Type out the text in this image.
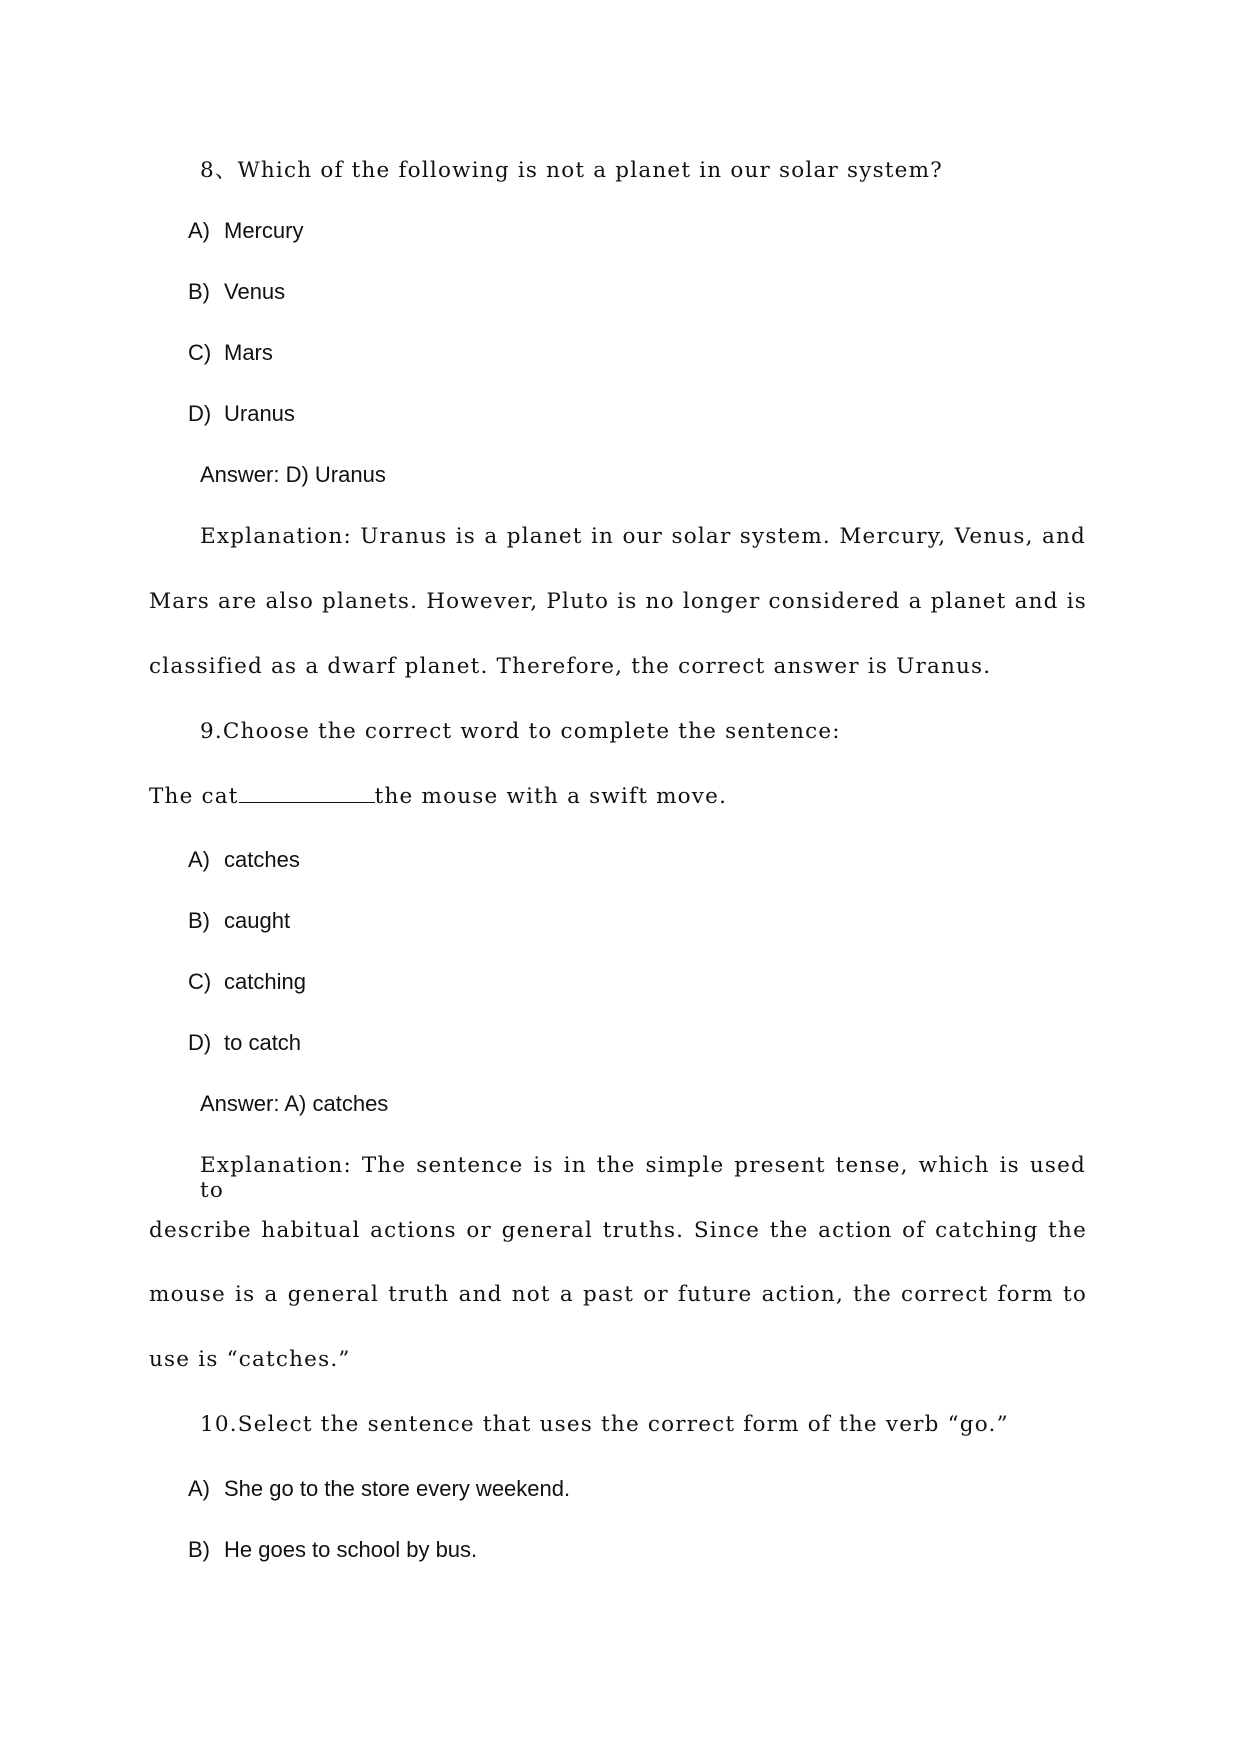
8、Which of the following is not a planet in our solar system?
A) Mercury
B) Venus
C) Mars
D) Uranus
Answer: D) Uranus
Explanation: Uranus is a planet in our solar system. Mercury, Venus, and
Mars are also planets. However, Pluto is no longer considered a planet and is
classified as a dwarf planet. Therefore, the correct answer is Uranus.
9.Choose the correct word to complete the sentence:
The cat	the mouse with a swift move.
A) catches
B) caught
C) catching
D) to catch
Answer: A) catches
Explanation: The sentence is in the simple present tense, which is used to
describe habitual actions or general truths. Since the action of catching the
mouse is a general truth and not a past or future action, the correct form to
use is “catches.”
10.Select the sentence that uses the correct form of the verb “go.”
A) She go to the store every weekend.
B) He goes to school by bus.
